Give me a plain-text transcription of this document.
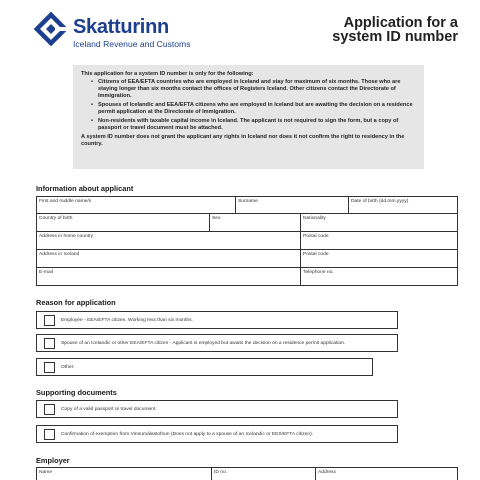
Skatturinn
Iceland Revenue and Customs
Application for a
system ID number
This application for a system ID number is only for the following:
• Citizens of EEA/EFTA countries who are employed in Iceland and stay for maximum of six months. Those who are staying longer than six months contact the offices of Registers Iceland. Other citizens contact the Directorate of Immigration.
• Spouses of Icelandic and EEA/EFTA citizens who are employed in Iceland but are awaiting the decision on a residence permit application at the Directorate of Immigration.
• Non-residents with taxable capital income in Iceland. The applicant is not required to sign the form, but a copy of passport or travel document must be attached.
A system ID number does not grant the applicant any rights in Iceland nor does it not confirm the right to residency in the country.
Information about applicant
First and middle name/s	Surname	Date of birth (dd.mm.yyyy)
Country of birth	Sex	Nationality
Address in home country	Postal code
Address in Iceland	Postal code
E-mail	Telephone no.
Reason for application
Employee - EEA/EFTA citizen. Working less than six months.
Spouse of an Icelandic or other EEA/EFTA citizen - Applicant is employed but awaits the decision on a residence permit application.
Other:
Supporting documents
Copy of a valid passport or travel document.
Confirmation of exemption from Vinnumálastofnun (Does not apply to a spouse of an Icelandic or EES/EFTA citizen).
Employer
Name	ID no.	Address
